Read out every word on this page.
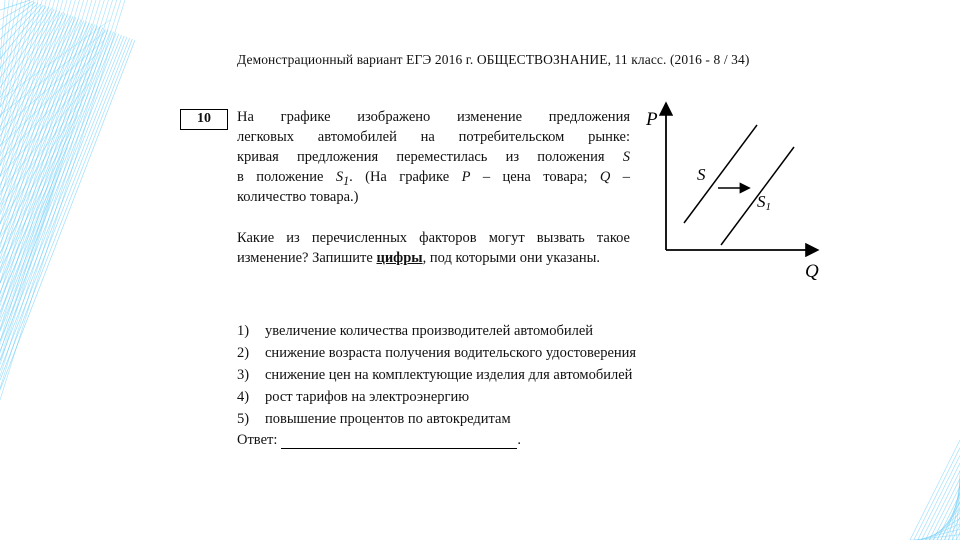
Демонстрационный вариант ЕГЭ 2016 г. ОБЩЕСТВОЗНАНИЕ, 11 класс. (2016 - 8 / 34)
10	На графике изображено изменение предложения
легковых автомобилей на потребительском рынке:
кривая предложения переместилась из положения S
в положение $S_1$. (На графике P – цена товара; Q –
количество товара.)
Какие из перечисленных факторов могут вызвать такое изменение? Запишите цифры, под которыми они указаны.
P
Q
S
S1
1)	увеличение количества производителей автомобилей
2)	снижение возраста получения водительского удостоверения
3)	снижение цен на комплектующие изделия для автомобилей
4)	рост тарифов на электроэнергию
5)	повышение процентов по автокредитам
Ответ:	.
